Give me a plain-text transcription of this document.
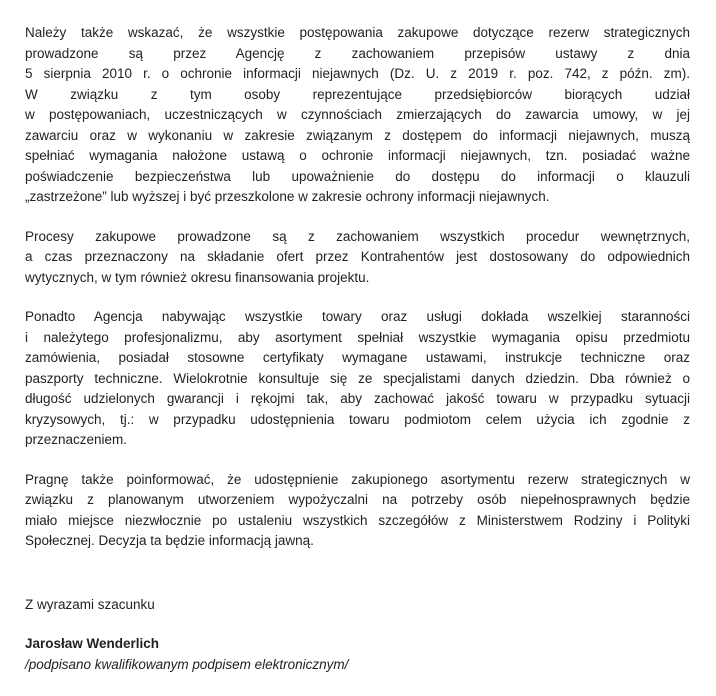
Należy także wskazać, że wszystkie postępowania zakupowe dotyczące rezerw strategicznych
prowadzone są przez Agencję z zachowaniem przepisów ustawy z dnia
5 sierpnia 2010 r. o ochronie informacji niejawnych (Dz. U. z 2019 r. poz. 742, z późn. zm).
W związku z tym osoby reprezentujące przedsiębiorców biorących udział
w postępowaniach, uczestniczących w czynnościach zmierzających do zawarcia umowy, w jej
zawarciu oraz w wykonaniu w zakresie związanym z dostępem do informacji niejawnych, muszą
spełniać wymagania nałożone ustawą o ochronie informacji niejawnych, tzn. posiadać ważne
poświadczenie bezpieczeństwa lub upoważnienie do dostępu do informacji o klauzuli
„zastrzeżone” lub wyższej i być przeszkolone w zakresie ochrony informacji niejawnych.

Procesy zakupowe prowadzone są z zachowaniem wszystkich procedur wewnętrznych,
a czas przeznaczony na składanie ofert przez Kontrahentów jest dostosowany do odpowiednich
wytycznych, w tym również okresu finansowania projektu.

Ponadto Agencja nabywając wszystkie towary oraz usługi dokłada wszelkiej staranności
i należytego profesjonalizmu, aby asortyment spełniał wszystkie wymagania opisu przedmiotu
zamówienia, posiadał stosowne certyfikaty wymagane ustawami, instrukcje techniczne oraz
paszporty techniczne. Wielokrotnie konsultuje się ze specjalistami danych dziedzin. Dba również o
długość udzielonych gwarancji i rękojmi tak, aby zachować jakość towaru w przypadku sytuacji
kryzysowych, tj.: w przypadku udostępnienia towaru podmiotom celem użycia ich zgodnie z
przeznaczeniem.

Pragnę także poinformować, że udostępnienie zakupionego asortymentu rezerw strategicznych w
związku z planowanym utworzeniem wypożyczalni na potrzeby osób niepełnosprawnych będzie
miało miejsce niezwłocznie po ustaleniu wszystkich szczegółów z Ministerstwem Rodziny i Polityki
Społecznej. Decyzja ta będzie informacją jawną.

Z wyrazami szacunku

Jarosław Wenderlich

/podpisano kwalifikowanym podpisem elektronicznym/
